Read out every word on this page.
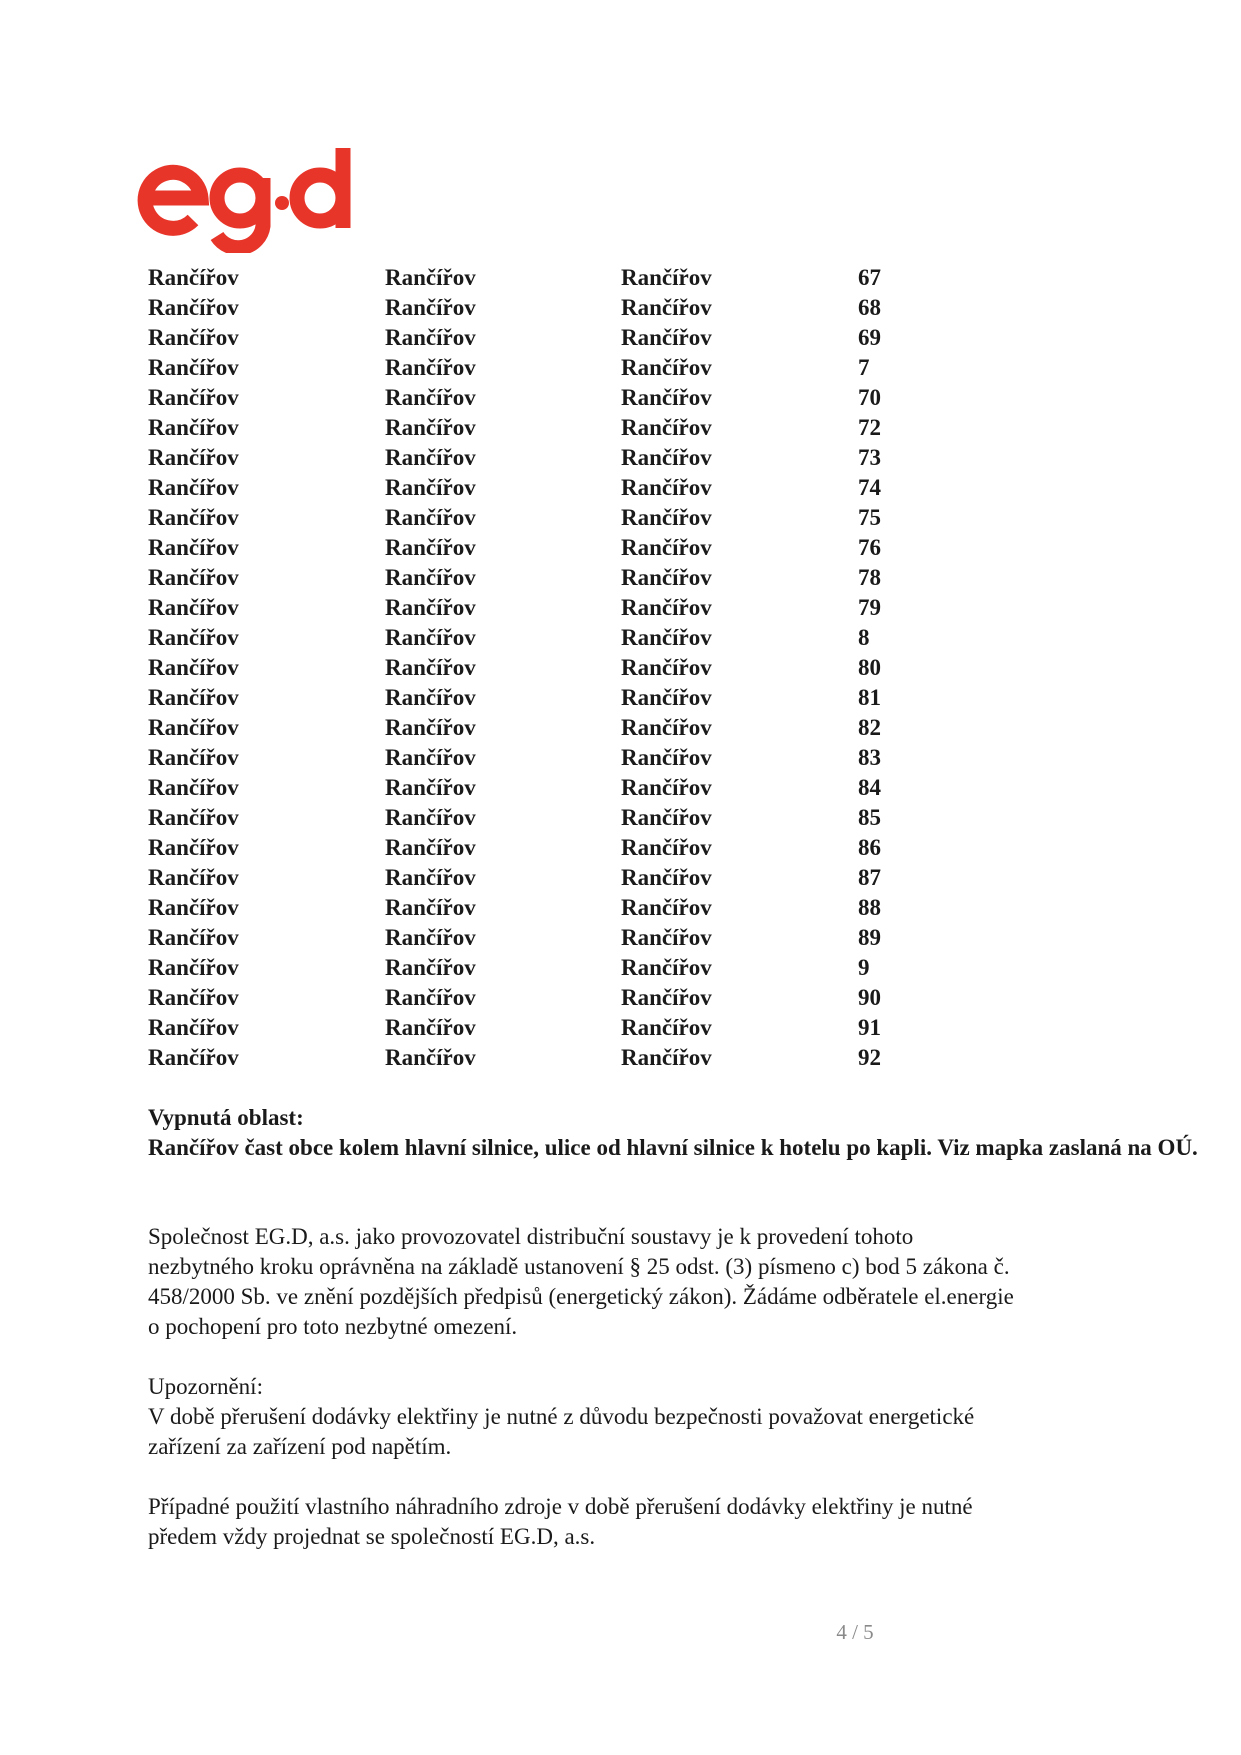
Rančířov	Rančířov	Rančířov	67
Rančířov	Rančířov	Rančířov	68
Rančířov	Rančířov	Rančířov	69
Rančířov	Rančířov	Rančířov	7
Rančířov	Rančířov	Rančířov	70
Rančířov	Rančířov	Rančířov	72
Rančířov	Rančířov	Rančířov	73
Rančířov	Rančířov	Rančířov	74
Rančířov	Rančířov	Rančířov	75
Rančířov	Rančířov	Rančířov	76
Rančířov	Rančířov	Rančířov	78
Rančířov	Rančířov	Rančířov	79
Rančířov	Rančířov	Rančířov	8
Rančířov	Rančířov	Rančířov	80
Rančířov	Rančířov	Rančířov	81
Rančířov	Rančířov	Rančířov	82
Rančířov	Rančířov	Rančířov	83
Rančířov	Rančířov	Rančířov	84
Rančířov	Rančířov	Rančířov	85
Rančířov	Rančířov	Rančířov	86
Rančířov	Rančířov	Rančířov	87
Rančířov	Rančířov	Rančířov	88
Rančířov	Rančířov	Rančířov	89
Rančířov	Rančířov	Rančířov	9
Rančířov	Rančířov	Rančířov	90
Rančířov	Rančířov	Rančířov	91
Rančířov	Rančířov	Rančířov	92

Vypnutá oblast:

Rančířov čast obce kolem hlavní silnice, ulice od hlavní silnice k hotelu po kapli. Viz mapka zaslaná na OÚ.

Společnost EG.D, a.s. jako provozovatel distribuční soustavy je k provedení tohoto
nezbytného kroku oprávněna na základě ustanovení § 25 odst. (3) písmeno c) bod 5 zákona č.
458/2000 Sb. ve znění pozdějších předpisů (energetický zákon). Žádáme odběratele el.energie
o pochopení pro toto nezbytné omezení.
Upozornění:
V době přerušení dodávky elektřiny je nutné z důvodu bezpečnosti považovat energetické
zařízení za zařízení pod napětím.
Případné použití vlastního náhradního zdroje v době přerušení dodávky elektřiny je nutné
předem vždy projednat se společností EG.D, a.s.
4 / 5
